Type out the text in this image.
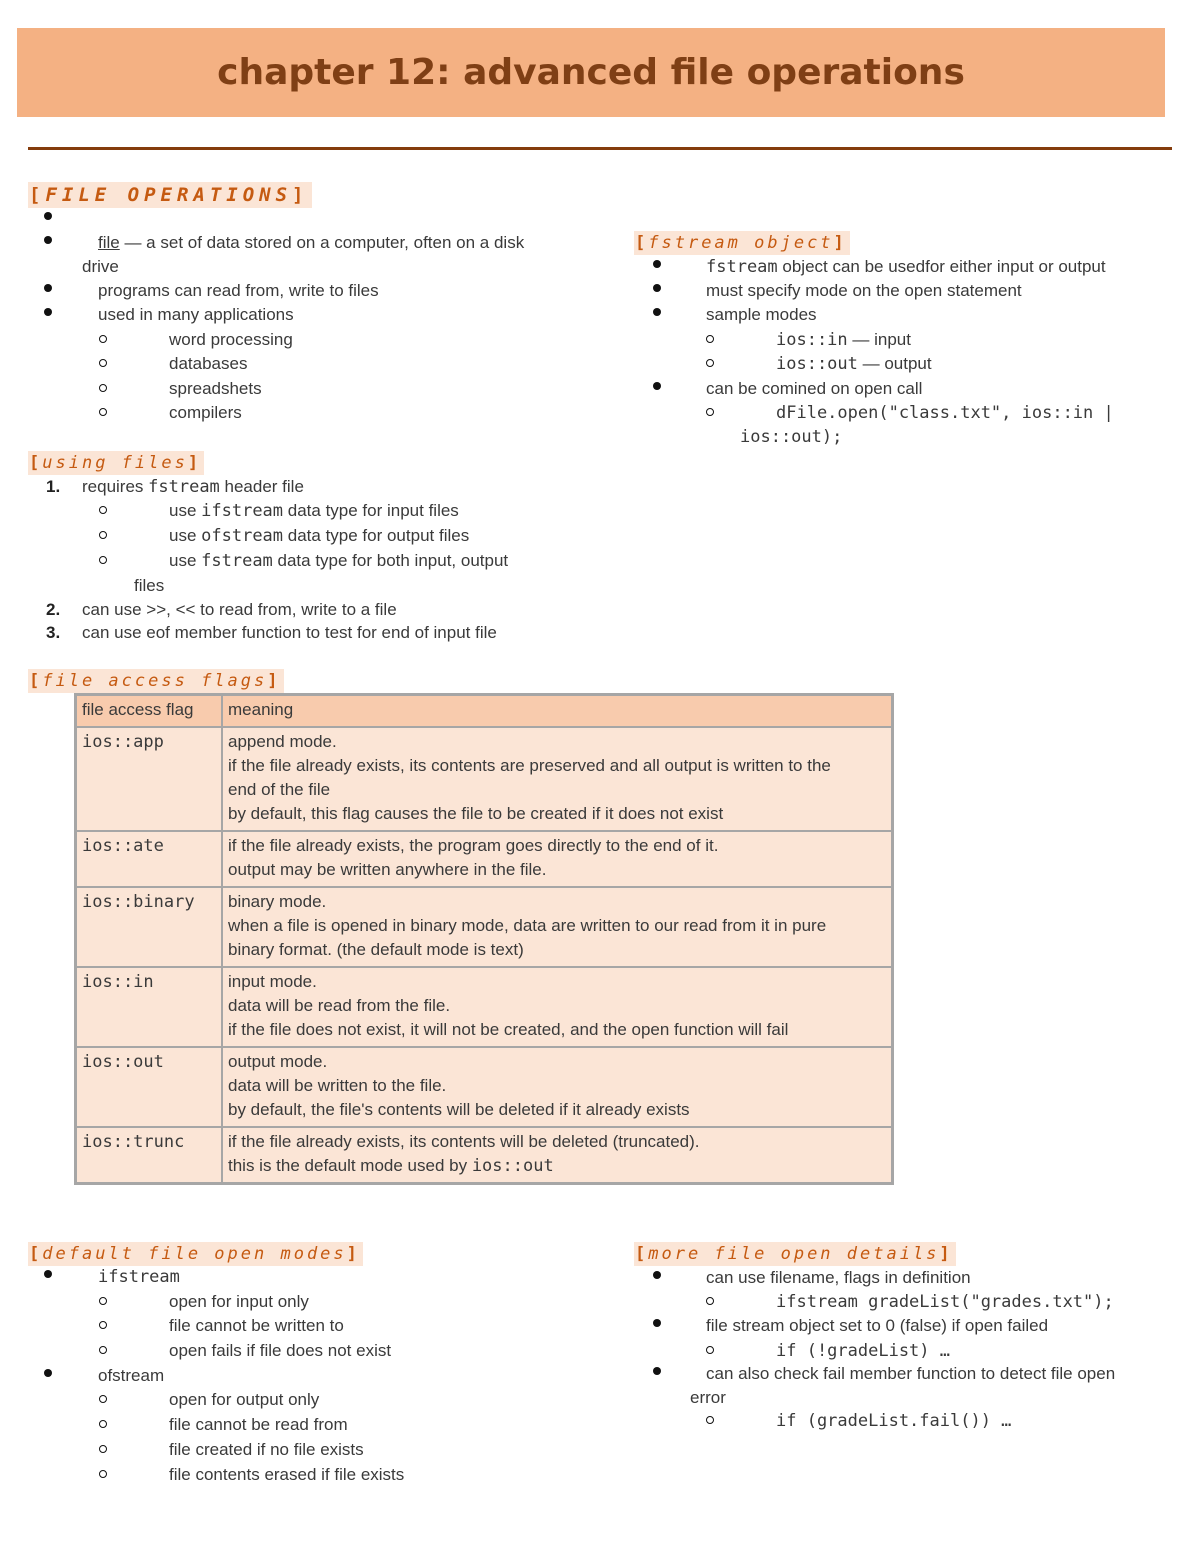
chapter 12: advanced file operations
[FILE OPERATIONS]
file — a set of data stored on a computer, often on a disk
drive
programs can read from, write to files
used in many applications
word processing
databases
spreadshets
compilers
[fstream object]
fstream object can be usedfor either input or output
must specify mode on the open statement
sample modes
ios::in — input
ios::out — output
can be comined on open call
dFile.open("class.txt", ios::in |
ios::out);
[using files]
1. requires fstream header file
use ifstream data type for input files
use ofstream data type for output files
use fstream data type for both input, output
files
2. can use >>, << to read from, write to a file
3. can use eof member function to test for end of input file
[file access flags]
file access flag	meaning
ios::app	append mode.
if the file already exists, its contents are preserved and all output is written to the
end of the file
by default, this flag causes the file to be created if it does not exist

ios::ate	if the file already exists, the program goes directly to the end of it.
output may be written anywhere in the file.

ios::binary	binary mode.
when a file is opened in binary mode, data are written to our read from it in pure
binary format. (the default mode is text)

ios::in	input mode.
data will be read from the file.
if the file does not exist, it will not be created, and the open function will fail

ios::out	output mode.
data will be written to the file.
by default, the file's contents will be deleted if it already exists

ios::trunc	if the file already exists, its contents will be deleted (truncated).
this is the default mode used by ios::out
[default file open modes]
ifstream
open for input only
file cannot be written to
open fails if file does not exist
ofstream
open for output only
file cannot be read from
file created if no file exists
file contents erased if file exists
[more file open details]
can use filename, flags in definition
ifstream gradeList("grades.txt");
file stream object set to 0 (false) if open failed
if (!gradeList) …
can also check fail member function to detect file open
error
if (gradeList.fail()) …
